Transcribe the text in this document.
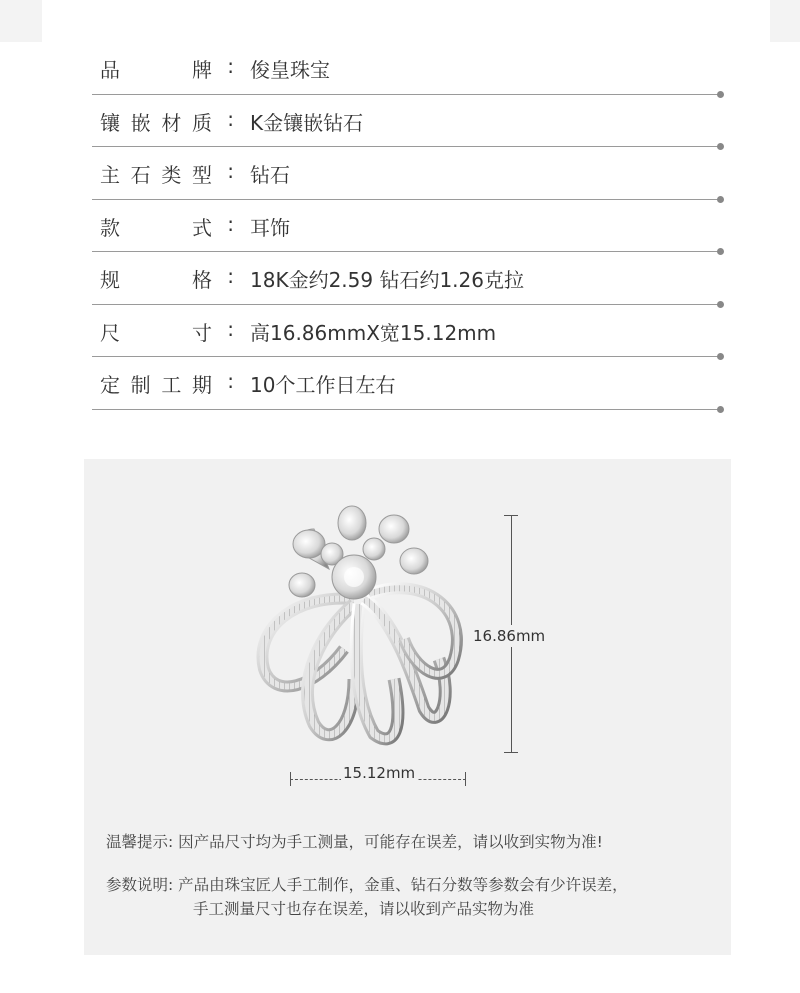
品	牌 : 俊皇珠宝
镶 嵌 材 质 : K金镶嵌钻石
主 石 类 型 : 钻石
款	式 : 耳饰
规	格 : 18K金约2.59 钻石约1.26克拉
尺	寸 : 高16.86mmX宽15.12mm
定 制 工 期 : 10个工作日左右
16.86mm
15.12mm
温馨提示: 因产品尺寸均为手工测量，可能存在误差，请以收到实物为准!
参数说明: 产品由珠宝匠人手工制作，金重、钻石分数等参数会有少许误差，
手工测量尺寸也存在误差，请以收到产品实物为准
